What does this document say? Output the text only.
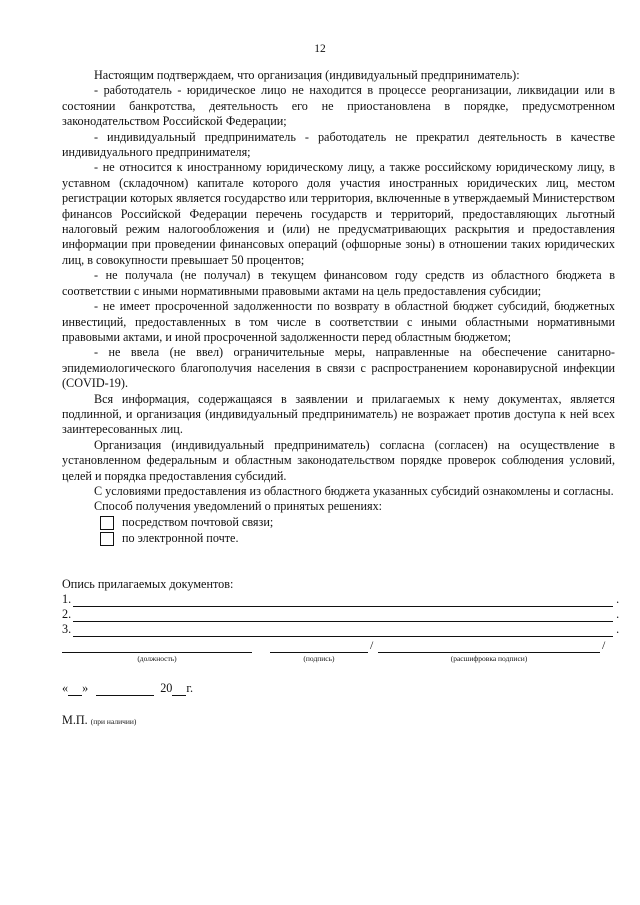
12

Настоящим подтверждаем, что организация (индивидуальный предприниматель):

- работодатель - юридическое лицо не находится в процессе реорганизации, ликвидации или в состоянии банкротства, деятельность его не приостановлена в порядке, предусмотренном законодательством Российской Федерации;

- индивидуальный предприниматель - работодатель не прекратил деятельность в качестве индивидуального предпринимателя;

- не относится к иностранному юридическому лицу, а также российскому юридическому лицу, в уставном (складочном) капитале которого доля участия иностранных юридических лиц, местом регистрации которых является государство или территория, включенные в утверждаемый Министерством финансов Российской Федерации перечень государств и территорий, предоставляющих льготный налоговый режим налогообложения и (или) не предусматривающих раскрытия и предоставления информации при проведении финансовых операций (офшорные зоны) в отношении таких юридических лиц, в совокупности превышает 50 процентов;

- не получала (не получал) в текущем финансовом году средств из областного бюджета в соответствии с иными нормативными правовыми актами на цель предоставления субсидии;

- не имеет просроченной задолженности по возврату в областной бюджет субсидий, бюджетных инвестиций, предоставленных в том числе в соответствии с иными областными нормативными правовыми актами, и иной просроченной задолженности перед областным бюджетом;

- не ввела (не ввел) ограничительные меры, направленные на обеспечение санитарно-эпидемиологического благополучия населения в связи с распространением коронавирусной инфекции (COVID-19).

Вся информация, содержащаяся в заявлении и прилагаемых к нему документах, является подлинной, и организация (индивидуальный предприниматель) не возражает против доступа к ней всех заинтересованных лиц.

Организация (индивидуальный предприниматель) согласна (согласен) на осуществление в установленном федеральным и областным законодательством порядке проверок соблюдения условий, целей и порядка предоставления субсидий.

С условиями предоставления из областного бюджета указанных субсидий ознакомлены и согласны.

Способ получения уведомлений о принятых решениях:

посредством почтовой связи;
по электронной почте.
Опись прилагаемых документов:
1.	.
2.	.
3.	.
(должность)	(подпись)
/
(расшифровка подписи)
/
« »	20 г.
М.П. (при наличии)
